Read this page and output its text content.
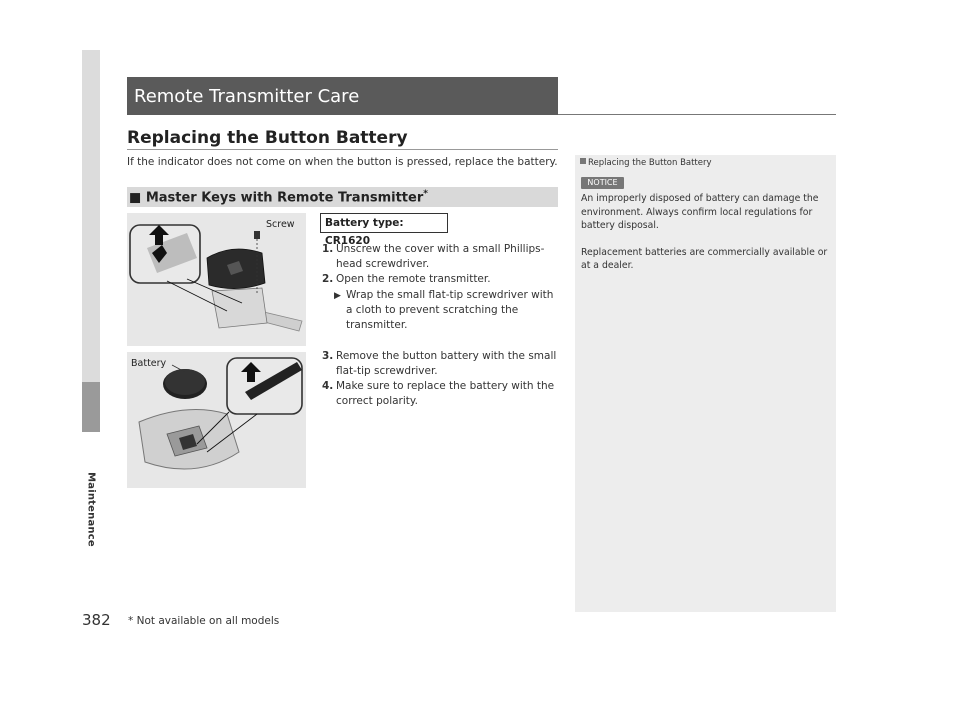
Maintenance
382 * Not available on all models
Remote Transmitter Care
Replacing the Button Battery
If the indicator does not come on when the button is pressed, replace the battery.
■ Master Keys with Remote Transmitter*
Screw
Battery
Battery type: CR1620
1. Unscrew the cover with a small Phillips-head screwdriver.
2. Open the remote transmitter.
▶ Wrap the small flat-tip screwdriver with a cloth to prevent scratching the transmitter.
3. Remove the button battery with the small flat-tip screwdriver.
4. Make sure to replace the battery with the correct polarity.
Replacing the Button Battery
NOTICE

An improperly disposed of battery can damage the environment. Always confirm local regulations for battery disposal.

Replacement batteries are commercially available or at a dealer.
